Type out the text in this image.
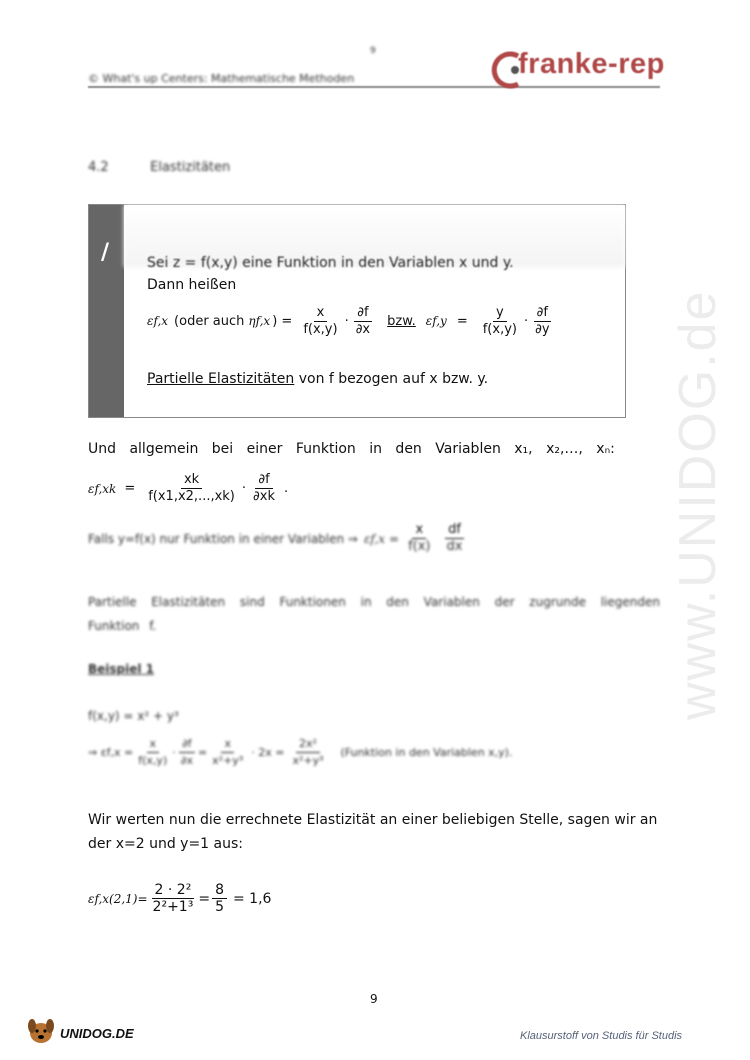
9
© What's up Centers: Mathematische Methoden	franke-rep
4.2	Elastizitäten
/	Sei z = f(x,y) eine Funktion in den Variablen x und y.
Dann heißen
εf,x (oder auch ηf,x ) = $\frac{x}{f(x,y)} \cdot \frac{\partial f}{\partial x}$ bzw. $\varepsilon f,y = \frac{y}{f(x,y)} \cdot \frac{\partial f}{\partial y}$
Partielle Elastizitäten von f bezogen auf x bzw. y.
Und allgemein bei einer Funktion in den Variablen x₁, x₂,…, xₙ:
$\varepsilon f,xk = \frac{xk}{f(x1,x2,...,xk)} \cdot \frac{\partial f}{\partial xk}$ .
Falls y=f(x) nur Funktion in einer Variablen ⇒ $\varepsilon f,x = \frac{x}{f(x)} \frac{df}{dx}$
Partielle Elastizitäten sind Funktionen in den Variablen der zugrunde liegenden Funktion f.
Beispiel 1
f(x,y) = x² + y³
⇒ $\varepsilon f,x = \frac{x}{f(x,y)} \cdot \frac{\partial f}{\partial x} = \frac{x}{\text{x²+y³}} \cdot 2x = \frac{\text{2x²}}{\text{x²+y³}}$ (Funktion in den Variablen x,y).
Wir werten nun die errechnete Elastizität an einer beliebigen Stelle, sagen wir an der x=2 und y=1 aus:
$\varepsilon f,x(2,1)= \frac{\text{2 · 2²}}{\text{2²+1³}} = \frac{8}{5} = 1,6$
www.UNIDOG.de
9
UNIDOG.DE	Klausurstoff von Studis für Studis
